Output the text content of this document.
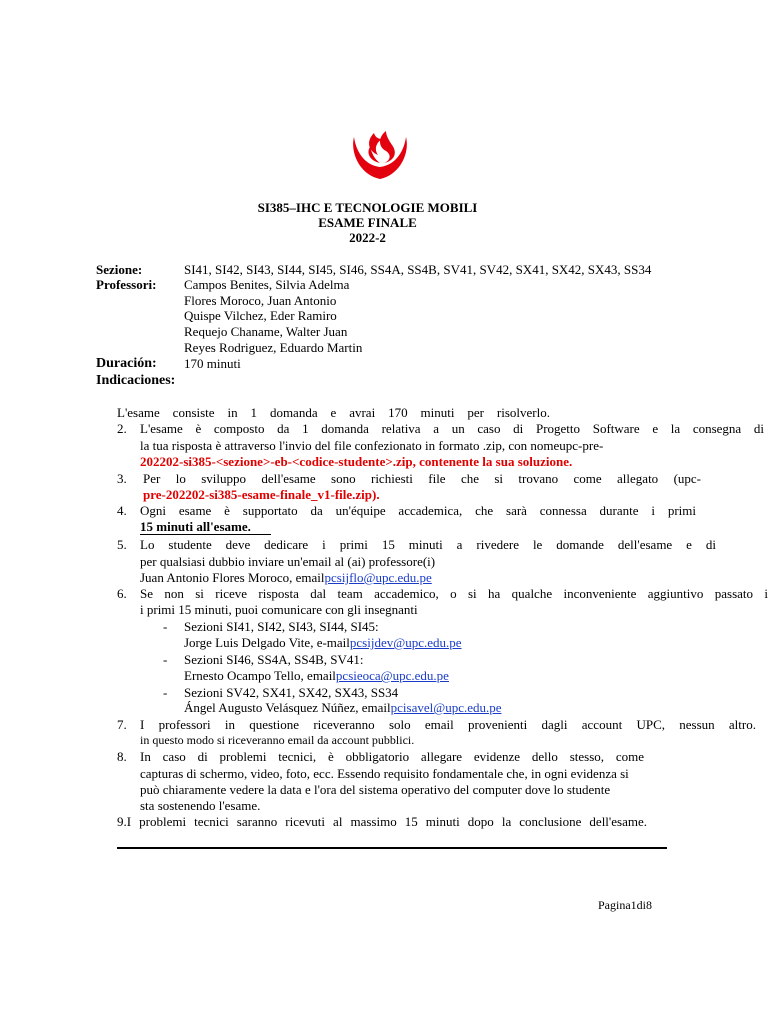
SI385–IHC E TECNOLOGIE MOBILI
ESAME FINALE
2022-2
Sezione:	SI41, SI42, SI43, SI44, SI45, SI46, SS4A, SS4B, SV41, SV42, SX41, SX42, SX43, SS34
Professori: Campos Benites, Silvia Adelma
Flores Moroco, Juan Antonio
Quispe Vilchez, Eder Ramiro
Requejo Chaname, Walter Juan
Reyes Rodriguez, Eduardo Martin
Duración: 170 minuti
Indicaciones:
L'esame consiste in 1 domanda e avrai 170 minuti per risolverlo.
2. L'esame è composto da 1 domanda relativa a un caso di Progetto Software e la consegna di
la tua risposta è attraverso l'invio del file confezionato in formato .zip, con nomeupc-pre-
202202-si385-<sezione>-eb-<codice-studente>.zip, contenente la sua soluzione.
3. Per lo sviluppo dell'esame sono richiesti file che si trovano come allegato (upc-
pre-202202-si385-esame-finale_v1-file.zip).
4. Ogni esame è supportato da un'équipe accademica, che sarà connessa durante i primi
15 minuti all'esame.
5. Lo studente deve dedicare i primi 15 minuti a rivedere le domande dell'esame e di
per qualsiasi dubbio inviare un'email al (ai) professore(i)
Juan Antonio Flores Moroco, emailpcsijflo@upc.edu.pe
6. Se non si riceve risposta dal team accademico, o si ha qualche inconveniente aggiuntivo passato i
i primi 15 minuti, puoi comunicare con gli insegnanti
- Sezioni SI41, SI42, SI43, SI44, SI45:
Jorge Luis Delgado Vite, e-mailpcsijdev@upc.edu.pe
- Sezioni SI46, SS4A, SS4B, SV41:
Ernesto Ocampo Tello, emailpcsieoca@upc.edu.pe
- Sezioni SV42, SX41, SX42, SX43, SS34
Ángel Augusto Velásquez Núñez, emailpcisavel@upc.edu.pe
7. I professori in questione riceveranno solo email provenienti dagli account UPC, nessun altro.
in questo modo si riceveranno email da account pubblici.
8. In caso di problemi tecnici, è obbligatorio allegare evidenze dello stesso, come
capturas di schermo, video, foto, ecc. Essendo requisito fondamentale che, in ogni evidenza si
può chiaramente vedere la data e l'ora del sistema operativo del computer dove lo studente
sta sostenendo l'esame.
9.I problemi tecnici saranno ricevuti al massimo 15 minuti dopo la conclusione dell'esame.
Pagina1di8
